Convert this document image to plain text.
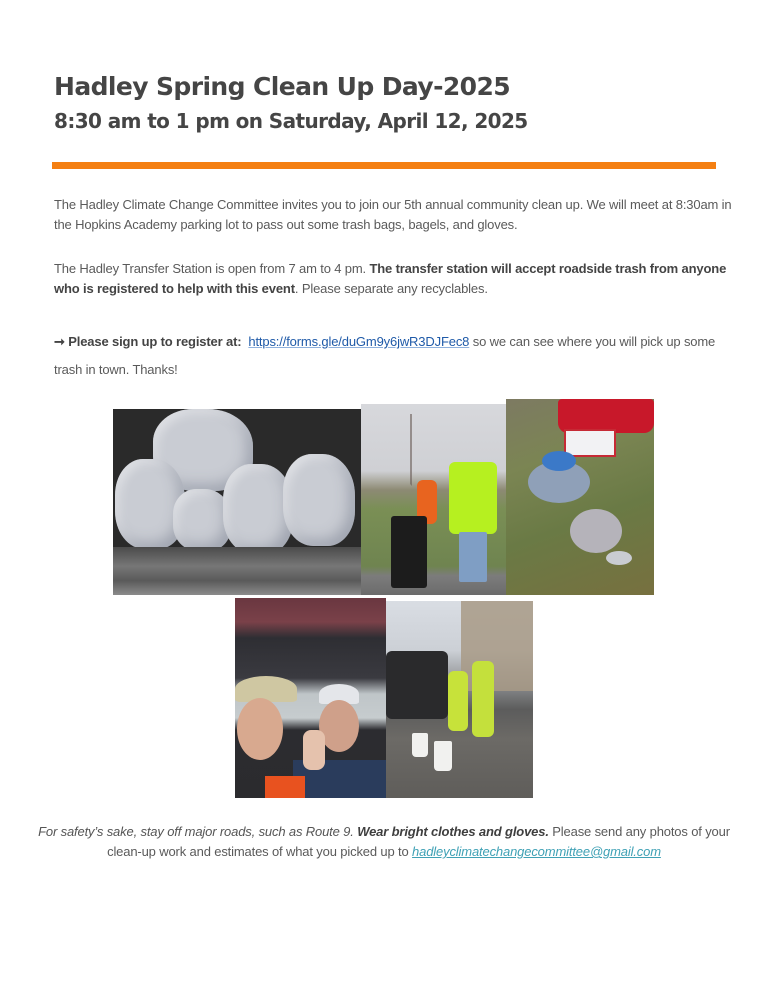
Hadley Spring Clean Up Day-2025
8:30 am to 1 pm on Saturday, April 12, 2025

The Hadley Climate Change Committee invites you to join our 5th annual community clean up. We will meet at 8:30am in the Hopkins Academy parking lot to pass out some trash bags, bagels, and gloves.

The Hadley Transfer Station is open from 7 am to 4 pm. The transfer station will accept roadside trash from anyone who is registered to help with this event. Please separate any recyclables.

➞ Please sign up to register at: https://forms.gle/duGm9y6jwR3DJFec8 so we can see where you will pick up some trash in town. Thanks!

For safety’s sake, stay off major roads, such as Route 9. Wear bright clothes and gloves. Please send any photos of your clean-up work and estimates of what you picked up to hadleyclimatechangecommittee@gmail.com
